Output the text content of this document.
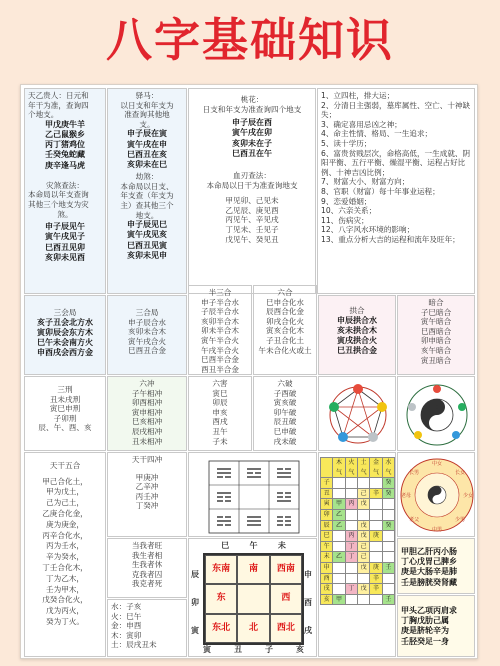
八字基础知识
天乙贵人：日元和
年干为准，查询四
个地支。
甲戊庚牛羊
乙己鼠猴乡
丙丁猪鸡位
壬癸兔蛇藏
庚辛逢马虎
灾煞查法：
本命局以年支查询
其他三个地支为灾
煞。
申子辰见午
寅午戌见子
巳酉丑见卯
亥卯未见酉
驿马：
以日支和年支为
准查询其他地
支。
申子辰在寅
寅午戌在申
巳酉丑在亥
亥卯未在巳
劫煞：
本命局以日支、
年支查（年支为
主）查其他三个
地支。
申子辰见巳
寅午戌见亥
巳酉丑见寅
亥卯未见申
桃花：
日支和年支为准查询四个地支
申子辰在酉
寅午戌在卯
亥卯未在子
巳酉丑在午
血刃查法：
本命局以日干为准查询地支
甲见卯、己见未
乙见辰、庚见酉
丙见午、辛见戌
丁见未、壬见子
戊见午、癸见丑
1、立四柱，排大运；
2、分清日主强弱，墓库属性、空亡、十神缺失；
3、确定喜用忌凶之神；
4、命主性情、格局、一生追求；
5、读十学历；
6、富贵贫贱层次，命格高低，一生成就、阴阳平衡、五行平衡、燥湿平衡、运程占好比例、十神吉凶比例；
7、财富大小、财富方向；
8、官职（财富）每十年事业运程；
9、恋爱婚姻；
10、六亲关系；
11、伤病灾；
12、八字风水环境的影响；
13、重点分析大吉的运程和流年及旺年；
三会局
亥子丑会北方水
寅卯辰会东方木
巳午未会南方火
申酉戌会西方金
三合局
申子辰合水
亥卯未合木
寅午戌合火
巳酉丑合金
半三合
申子半合水
子辰半合水
亥卯半合木
卯未半合木
寅午半合火
午戌半合火
巳酉半合金
酉丑半合金
六合
巳申合化水
辰酉合化金
卯戌合化火
寅亥合化木
子丑合化土
午未合化火或土
拱合
申辰拱合水
亥未拱合木
寅戌拱合火
巳丑拱合金
暗合
子巳暗合
寅午暗合
巳酉暗合
卯申暗合
亥午暗合
寅丑暗合
三刑
丑未戌刑
寅巳申刑
子卯刑
辰、午、酉、亥
六冲
子午相冲
卯酉相冲
寅申相冲
巳亥相冲
辰戌相冲
丑未相冲
六害
寅巳
卯辰
申亥
酉戌
丑午
子未
六破
子酉破
寅亥破
卯午破
辰丑破
巳申破
戌未破
天干五合
甲己合化土，
甲为戊土，
己为己土，
乙庚合化金，
庚为庚金，
丙辛合化水，
丙为壬水，
辛为癸水，
丁壬合化木，
丁为乙木，
壬为甲木，
戊癸合化火，
戊为丙火，
癸为丁火。
天干四冲
甲庚冲
乙辛冲
丙壬冲
丁癸冲
当我者旺
我生者相
生我者休
克我者囚
我克者死
水：子亥
火：巳午
金：申酉
木：寅卯
土：辰戌丑未
巳	午	未
辰
卯
寅
申
酉
戌
寅	丑	子	亥
东南	南	西南
东	西
东北	北	西北
	木气	火气	土气	金气	水气
子					癸
丑			己	辛	癸
寅	甲	丙	戊		
卯	乙				
辰	乙		戊		癸
巳		丙	戊	庚	
午		丁	己		
未	乙	丁	己		
申			戊	庚	壬
酉				辛	
戌		丁	戊	辛	
亥	甲				壬
中女
长女
少女
长男
少男
中男
老父
老母
甲胆乙肝丙小肠
丁心戊胃己脾乡
庚是大肠辛是肺
壬是膀胱癸肾藏
甲头乙项丙肩求
丁胸戊肋己属
庚是脐轮辛为
壬胫癸足一身
